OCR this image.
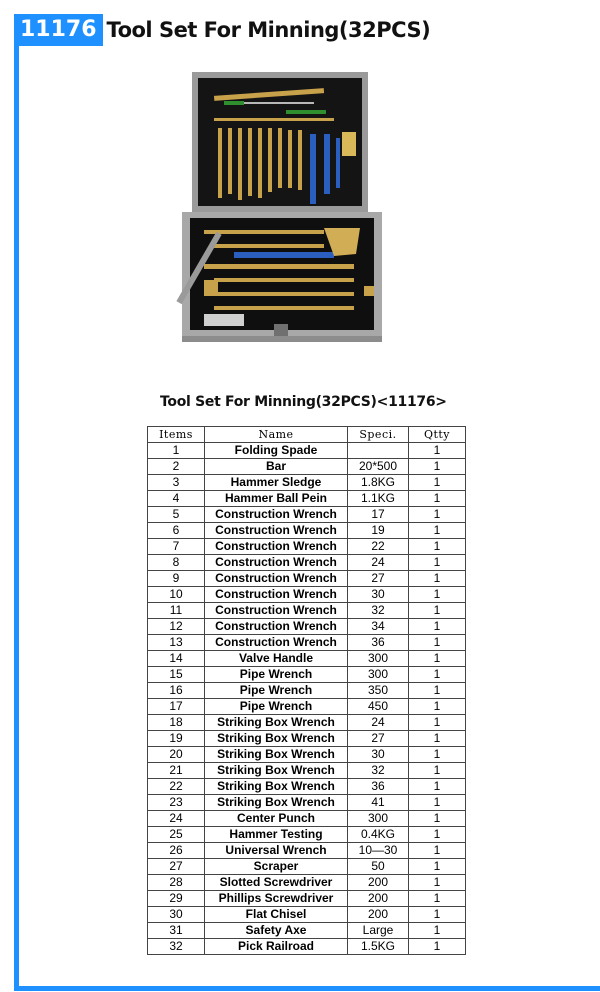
11176 Tool Set For Minning(32PCS)
Tool Set For Minning(32PCS)<11176>
Items	Name	Speci.	Qtty
1	Folding Spade		1
2	Bar	20*500	1
3	Hammer Sledge	1.8KG	1
4	Hammer Ball Pein	1.1KG	1
5	Construction Wrench	17	1
6	Construction Wrench	19	1
7	Construction Wrench	22	1
8	Construction Wrench	24	1
9	Construction Wrench	27	1
10	Construction Wrench	30	1
11	Construction Wrench	32	1
12	Construction Wrench	34	1
13	Construction Wrench	36	1
14	Valve Handle	300	1
15	Pipe Wrench	300	1
16	Pipe Wrench	350	1
17	Pipe Wrench	450	1
18	Striking Box Wrench	24	1
19	Striking Box Wrench	27	1
20	Striking Box Wrench	30	1
21	Striking Box Wrench	32	1
22	Striking Box Wrench	36	1
23	Striking Box Wrench	41	1
24	Center Punch	300	1
25	Hammer Testing	0.4KG	1
26	Universal Wrench	10—30	1
27	Scraper	50	1
28	Slotted Screwdriver	200	1
29	Phillips Screwdriver	200	1
30	Flat Chisel	200	1
31	Safety Axe	Large	1
32	Pick Railroad	1.5KG	1
